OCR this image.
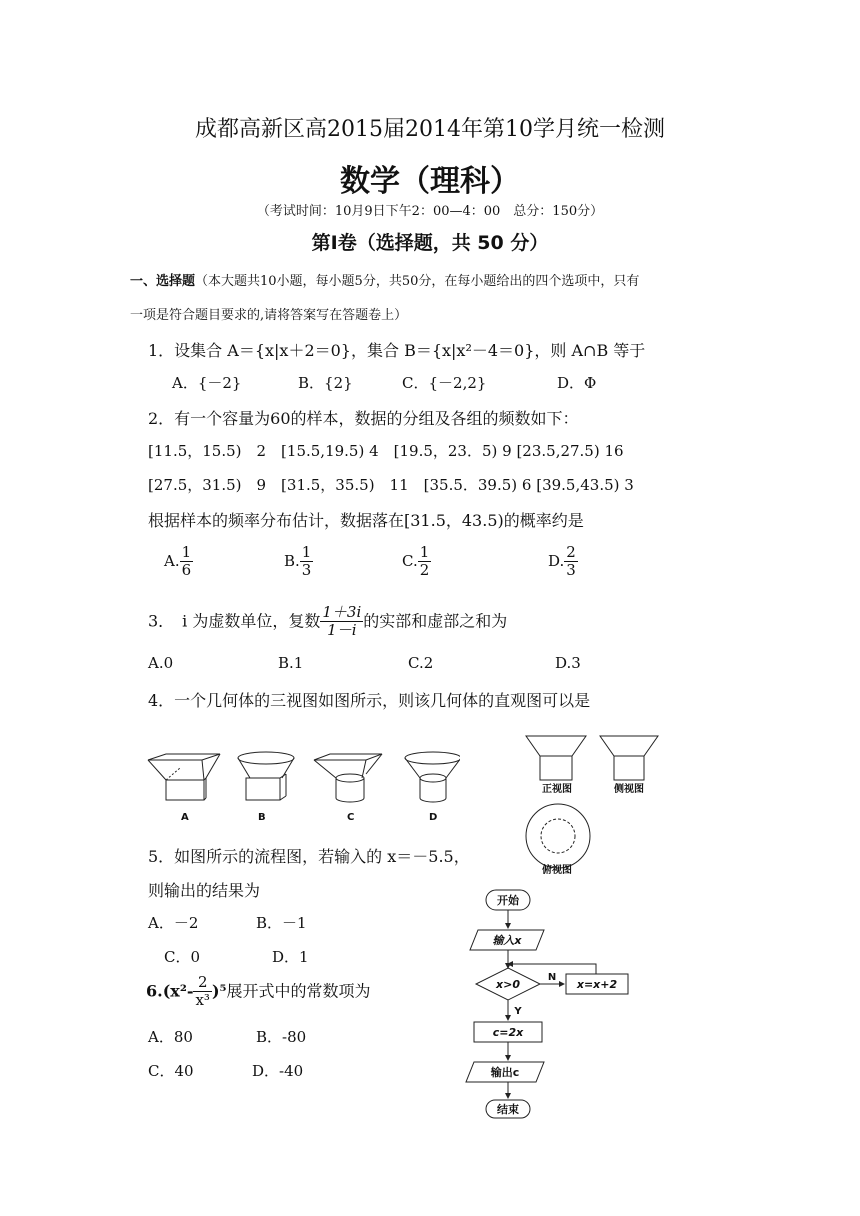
成都高新区高2015届2014年第10学月统一检测
数学（理科）
（考试时间：10月9日下午2：00—4：00　总分：150分）
第Ⅰ卷（选择题，共 50 分）
一、选择题（本大题共10小题，每小题5分，共50分，在每小题给出的四个选项中，只有
一项是符合题目要求的,请将答案写在答题卷上）
1．设集合 A＝{x|x＋2＝0}，集合 B＝{x|x²－4＝0}，则 A∩B 等于
A．{－2}	B．{2}	C．{－2,2}	D．Φ
2．有一个容量为60的样本，数据的分组及各组的频数如下：
[11.5，15.5)　2　[15.5,19.5) 4　[19.5，23．5) 9 [23.5,27.5) 16
[27.5，31.5)　9　[31.5，35.5)　11　[35.5．39.5) 6 [39.5,43.5) 3
根据样本的频率分布估计，数据落在[31.5，43.5)的概率约是
A. $\frac{1}{6}$	B. $\frac{1}{3}$	C. $\frac{1}{2}$	D. $\frac{2}{3}$
3．　i 为虚数单位，复数 $\frac{1+3i}{1-i}$ 的实部和虚部之和为
A.0	B.1	C.2	D.3
4．一个几何体的三视图如图所示，则该几何体的直观图可以是
A	B	C	D
正视图	侧视图
俯视图
5．如图所示的流程图，若输入的 x＝－5.5，
则输出的结果为
A．－2	B．－1
C．0	D．1
开始
输入x
x>0
N
x=x+2
Y
c=2x
输出c
结束
$6.(x^2- \frac{2}{\text{x³}} )^5$展开式中的常数项为
A．80	B．-80
C．40	D．-40
